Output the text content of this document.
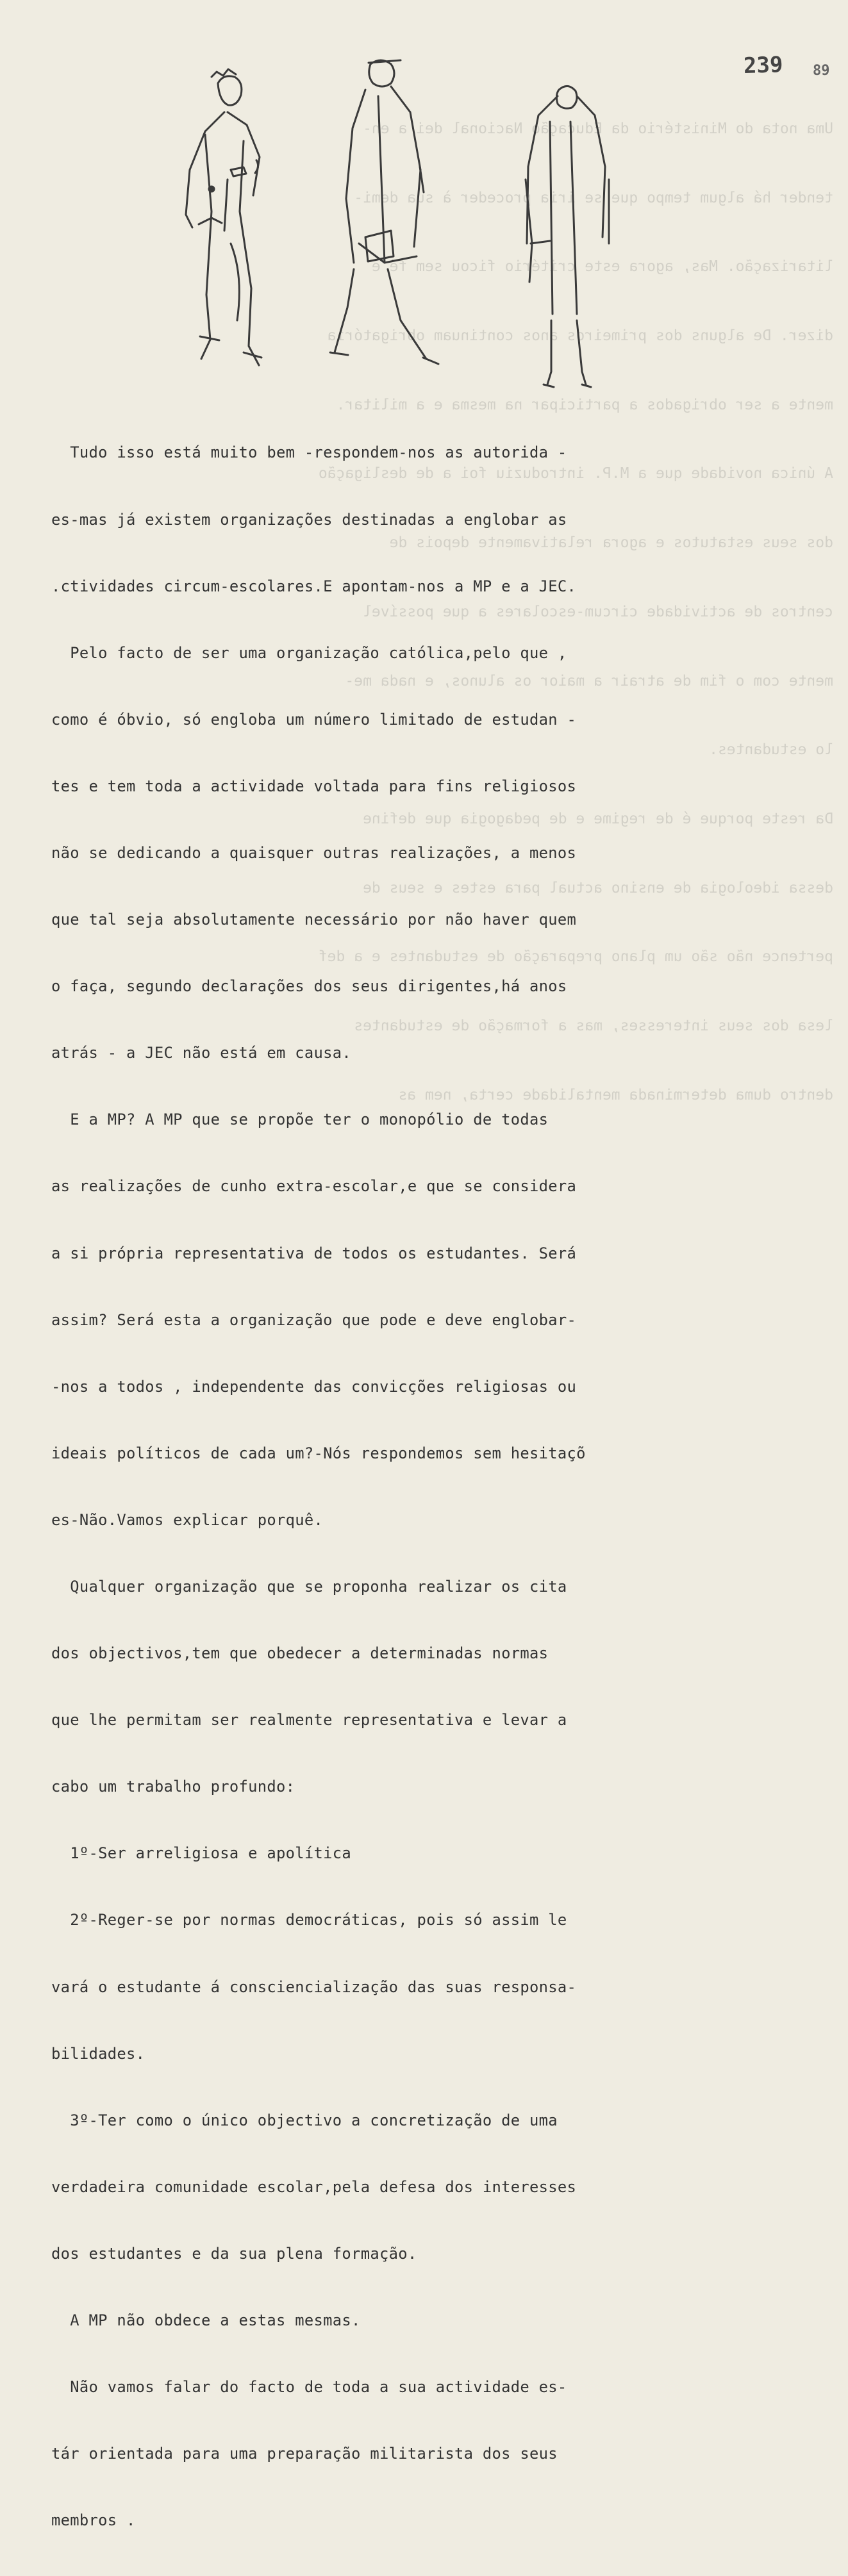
Uma nota do Ministério da Educação Nacional dei a en-

tender há algum tempo que se iria proceder à sua demi-

litarização. Mas, agora este critério ficou sem fé e

dizer. De alguns dos primeiros anos continuam obrigatória

mente a ser obrigados a participar na mesma e a militar.

A única novidade que a M.P. introduziu foi a de desligação

dos seus estatutos e agora relativamente depois de

centros de actividade circum-escolares a que possível

mente com o fim de atrair a maior os alunos, e nada me-

lo estudantes.

Da reste porque é de regime e de pedagogia que define

dessa ideologia de ensino actual para estes e seus de

pertence não são um plano preparação de estudantes e a def

lesa dos seus interesses, mas a formação de estudantes

dentro duma determinada mentalidade certa, nem as

239 89

Tudo isso está muito bem -respondem-nos as autorida -

es-mas já existem organizações destinadas a englobar as

.ctividades circum-escolares.E apontam-nos a MP e a JEC.

Pelo facto de ser uma organização católica,pelo que ,

como é óbvio, só engloba um número limitado de estudan -

tes e tem toda a actividade voltada para fins religiosos

não se dedicando a quaisquer outras realizações, a menos

que tal seja absolutamente necessário por não haver quem

o faça, segundo declarações dos seus dirigentes,há anos

atrás - a JEC não está em causa.

E a MP? A MP que se propõe ter o monopólio de todas

as realizações de cunho extra-escolar,e que se considera

a si própria representativa de todos os estudantes. Será

assim? Será esta a organização que pode e deve englobar-

-nos a todos , independente das convicções religiosas ou

ideais políticos de cada um?-Nós respondemos sem hesitaçõ

es-Não.Vamos explicar porquê.

Qualquer organização que se proponha realizar os cita

dos objectivos,tem que obedecer a determinadas normas

que lhe permitam ser realmente representativa e levar a

cabo um trabalho profundo:

1º-Ser arreligiosa e apolítica

2º-Reger-se por normas democráticas, pois só assim le

vará o estudante á consciencialização das suas responsa-

bilidades.

3º-Ter como o único objectivo a concretização de uma

verdadeira comunidade escolar,pela defesa dos interesses

dos estudantes e da sua plena formação.

A MP não obdece a estas mesmas.

Não vamos falar do facto de toda a sua actividade es-

tár orientada para uma preparação militarista dos seus

membros .
